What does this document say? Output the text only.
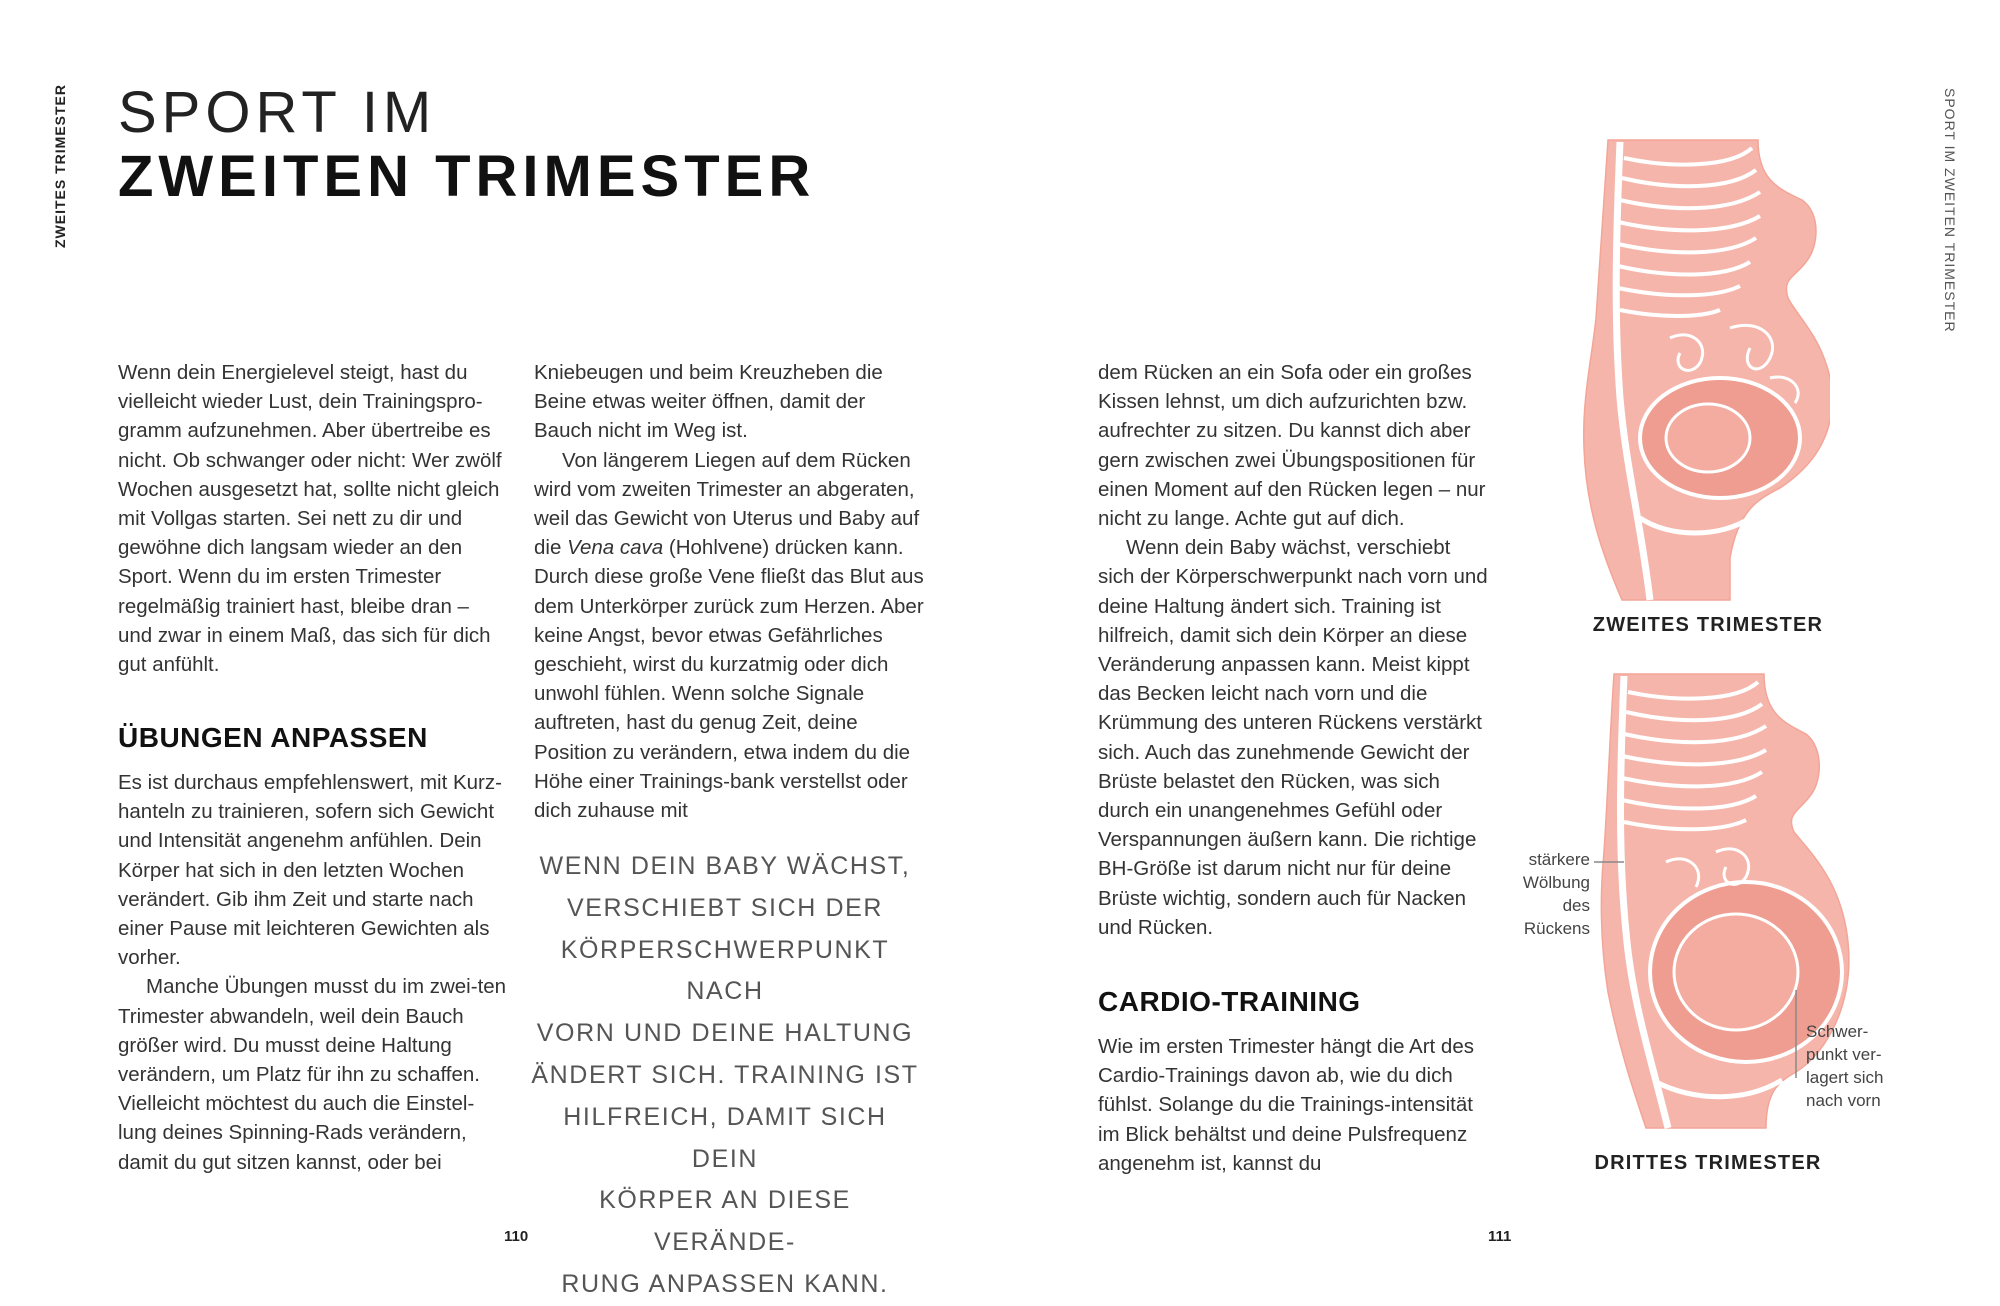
ZWEITES TRIMESTER	SPORT IM ZWEITEN TRIMESTER
SPORT IM
ZWEITEN TRIMESTER

Wenn dein Energielevel steigt, hast du vielleicht wieder Lust, dein Trainingspro-gramm aufzunehmen. Aber übertreibe es nicht. Ob schwanger oder nicht: Wer zwölf Wochen ausgesetzt hat, sollte nicht gleich mit Vollgas starten. Sei nett zu dir und gewöhne dich langsam wieder an den Sport. Wenn du im ersten Trimester regelmäßig trainiert hast, bleibe dran – und zwar in einem Maß, das sich für dich gut anfühlt.

ÜBUNGEN ANPASSEN

Es ist durchaus empfehlenswert, mit Kurz-hanteln zu trainieren, sofern sich Gewicht und Intensität angenehm anfühlen. Dein Körper hat sich in den letzten Wochen verändert. Gib ihm Zeit und starte nach einer Pause mit leichteren Gewichten als vorher.

Manche Übungen musst du im zwei-ten Trimester abwandeln, weil dein Bauch größer wird. Du musst deine Haltung verändern, um Platz für ihn zu schaffen. Vielleicht möchtest du auch die Einstel-lung deines Spinning-Rads verändern, damit du gut sitzen kannst, oder bei

Kniebeugen und beim Kreuzheben die Beine etwas weiter öffnen, damit der Bauch nicht im Weg ist.

Von längerem Liegen auf dem Rücken wird vom zweiten Trimester an abgeraten, weil das Gewicht von Uterus und Baby auf die Vena cava (Hohlvene) drücken kann. Durch diese große Vene fließt das Blut aus dem Unterkörper zurück zum Herzen. Aber keine Angst, bevor etwas Gefährliches geschieht, wirst du kurzatmig oder dich unwohl fühlen. Wenn solche Signale auftreten, hast du genug Zeit, deine Position zu verändern, etwa indem du die Höhe einer Trainings-bank verstellst oder dich zuhause mit

WENN DEIN BABY WÄCHST,

VERSCHIEBT SICH DER

KÖRPERSCHWERPUNKT NACH

VORN UND DEINE HALTUNG

ÄNDERT SICH. TRAINING IST

HILFREICH, DAMIT SICH DEIN

KÖRPER AN DIESE VERÄNDE-

RUNG ANPASSEN KANN.

110	111

dem Rücken an ein Sofa oder ein großes Kissen lehnst, um dich aufzurichten bzw. aufrechter zu sitzen. Du kannst dich aber gern zwischen zwei Übungspositionen für einen Moment auf den Rücken legen – nur nicht zu lange. Achte gut auf dich.

Wenn dein Baby wächst, verschiebt sich der Körperschwerpunkt nach vorn und deine Haltung ändert sich. Training ist hilfreich, damit sich dein Körper an diese Veränderung anpassen kann. Meist kippt das Becken leicht nach vorn und die Krümmung des unteren Rückens verstärkt sich. Auch das zunehmende Gewicht der Brüste belastet den Rücken, was sich durch ein unangenehmes Gefühl oder Verspannungen äußern kann. Die richtige BH-Größe ist darum nicht nur für deine Brüste wichtig, sondern auch für Nacken und Rücken.

CARDIO-TRAINING

Wie im ersten Trimester hängt die Art des Cardio-Trainings davon ab, wie du dich fühlst. Solange du die Trainings-intensität im Blick behältst und deine Pulsfrequenz angenehm ist, kannst du

ZWEITES TRIMESTER
DRITTES TRIMESTER

stärkere

Wölbung

des

Rückens

Schwer-

punkt ver-

lagert sich

nach vorn
